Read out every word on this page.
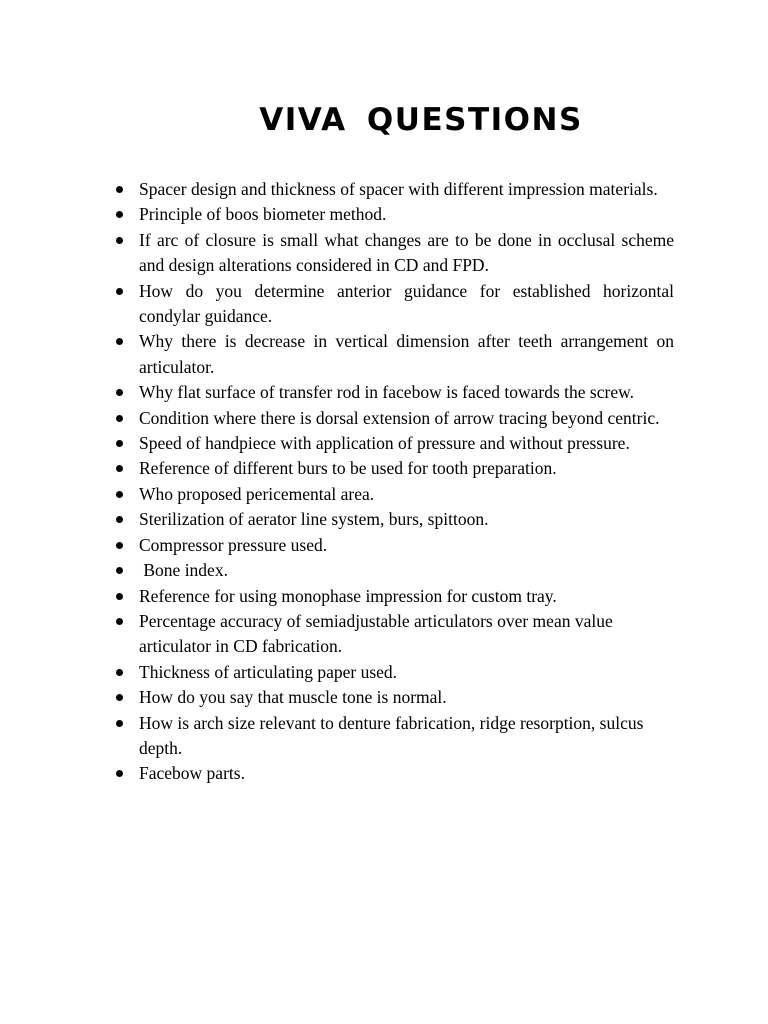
VIVA QUESTIONS
Spacer design and thickness of spacer with different impression materials.
Principle of boos biometer method.
If arc of closure is small what changes are to be done in occlusal scheme and design alterations considered in CD and FPD.
How do you determine anterior guidance for established horizontal condylar guidance.
Why there is decrease in vertical dimension after teeth arrangement on articulator.
Why flat surface of transfer rod in facebow is faced towards the screw.
Condition where there is dorsal extension of arrow tracing beyond centric.
Speed of handpiece with application of pressure and without pressure.
Reference of different burs to be used for tooth preparation.
Who proposed pericemental area.
Sterilization of aerator line system, burs, spittoon.
Compressor pressure used.
Bone index.
Reference for using monophase impression for custom tray.
Percentage accuracy of semiadjustable articulators over mean value articulator in CD fabrication.
Thickness of articulating paper used.
How do you say that muscle tone is normal.
How is arch size relevant to denture fabrication, ridge resorption, sulcus depth.
Facebow parts.
